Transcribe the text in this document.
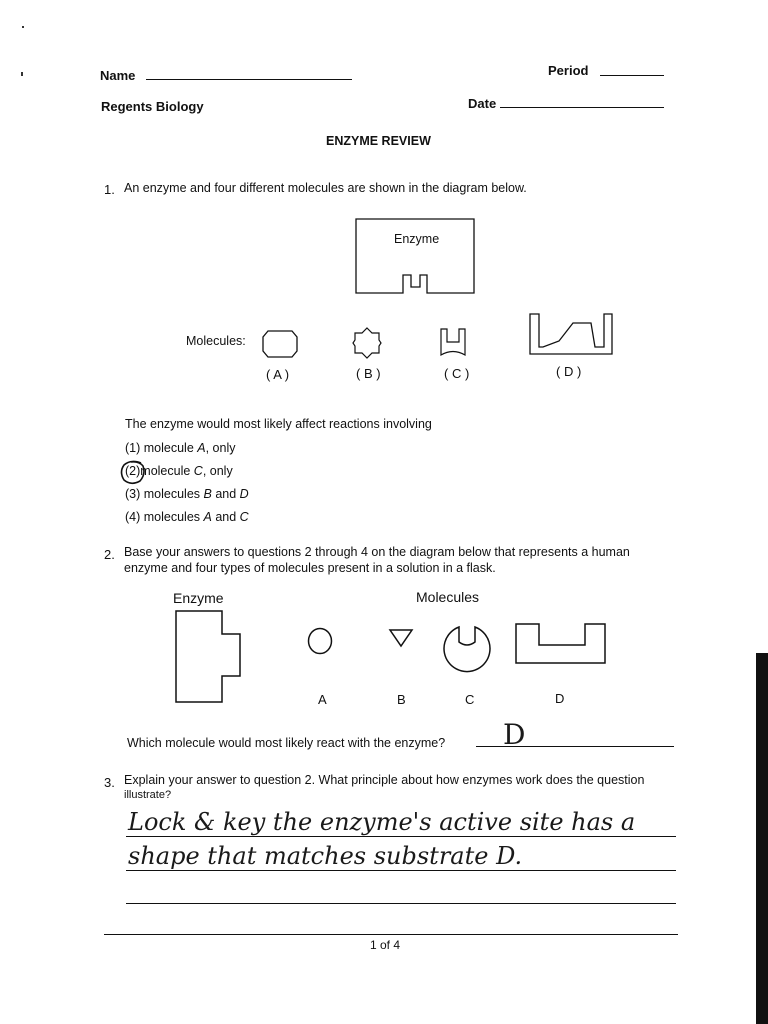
Name	Period
Regents Biology	Date
ENZYME REVIEW
1. An enzyme and four different molecules are shown in the diagram below.
Enzyme
Molecules:
( A )	( B )	( C )	( D )
The enzyme would most likely affect reactions involving
(1) molecule A, only
(2)molecule C, only
(3) molecules B and D
(4) molecules A and C
2. Base your answers to questions 2 through 4 on the diagram below that represents a human
enzyme and four types of molecules present in a solution in a flask.
Enzyme	Molecules
A	B	C	D
Which molecule would most likely react with the enzyme? D
3. Explain your answer to question 2. What principle about how enzymes work does the question
illustrate?
Lock & key the enzyme's active site has a
shape that matches substrate D.
1 of 4
